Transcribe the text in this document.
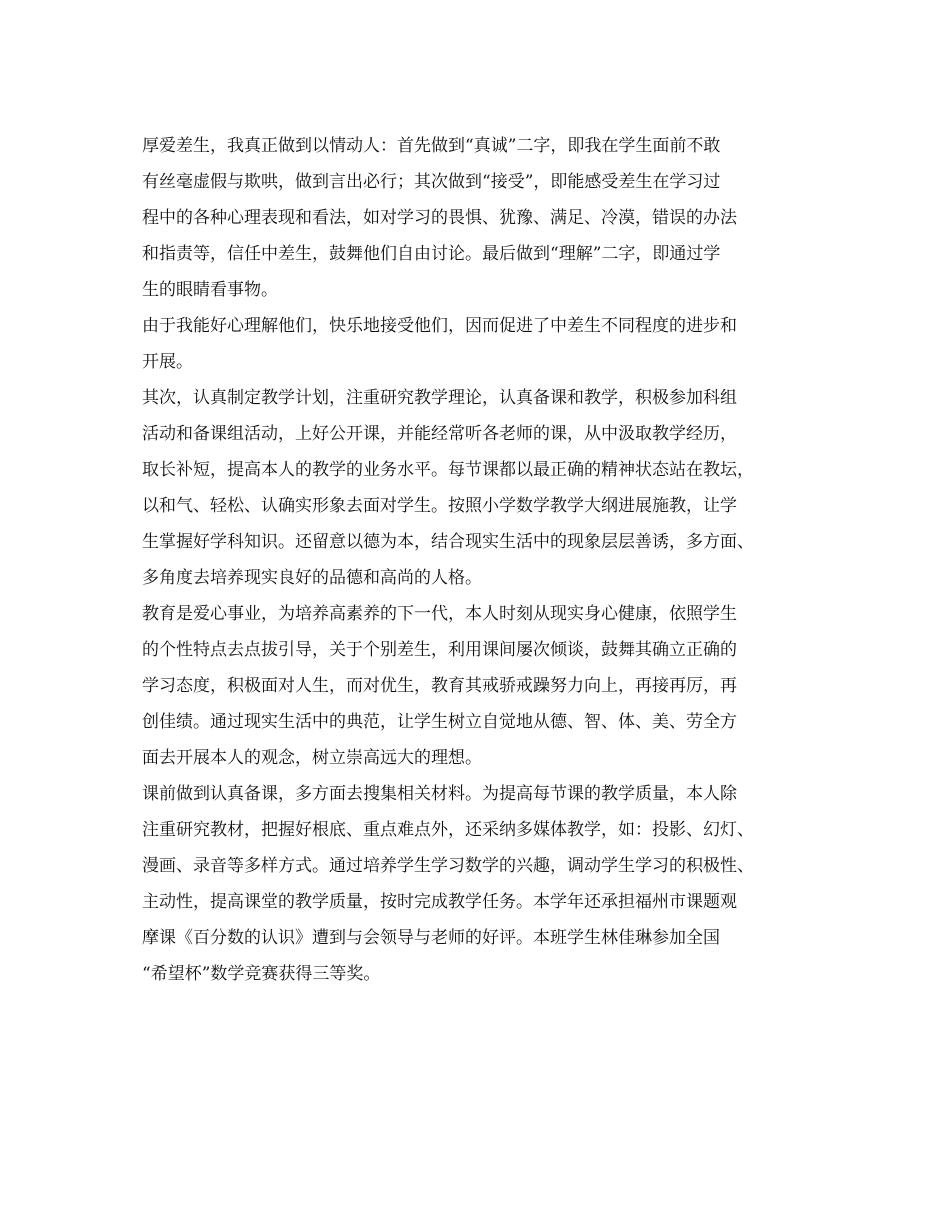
厚爱差生，我真正做到以情动人：首先做到“真诚”二字，即我在学生面前不敢
有丝毫虚假与欺哄，做到言出必行；其次做到“接受”，即能感受差生在学习过
程中的各种心理表现和看法，如对学习的畏惧、犹豫、满足、冷漠，错误的办法
和指责等，信任中差生，鼓舞他们自由讨论。最后做到“理解”二字，即通过学
生的眼睛看事物。
由于我能好心理解他们，快乐地接受他们，因而促进了中差生不同程度的进步和
开展。
其次，认真制定教学计划，注重研究教学理论，认真备课和教学，积极参加科组
活动和备课组活动，上好公开课，并能经常听各老师的课，从中汲取教学经历，
取长补短，提高本人的教学的业务水平。每节课都以最正确的精神状态站在教坛，
以和气、轻松、认确实形象去面对学生。按照小学数学教学大纲进展施教，让学
生掌握好学科知识。还留意以德为本，结合现实生活中的现象层层善诱，多方面、
多角度去培养现实良好的品德和高尚的人格。
教育是爱心事业，为培养高素养的下一代，本人时刻从现实身心健康，依照学生
的个性特点去点拔引导，关于个别差生，利用课间屡次倾谈，鼓舞其确立正确的
学习态度，积极面对人生，而对优生，教育其戒骄戒躁努力向上，再接再厉，再
创佳绩。通过现实生活中的典范，让学生树立自觉地从德、智、体、美、劳全方
面去开展本人的观念，树立崇高远大的理想。
课前做到认真备课，多方面去搜集相关材料。为提高每节课的教学质量，本人除
注重研究教材，把握好根底、重点难点外，还采纳多媒体教学，如：投影、幻灯、
漫画、录音等多样方式。通过培养学生学习数学的兴趣，调动学生学习的积极性、
主动性，提高课堂的教学质量，按时完成教学任务。本学年还承担福州市课题观
摩课《百分数的认识》遭到与会领导与老师的好评。本班学生林佳琳参加全国
“希望杯”数学竞赛获得三等奖。
